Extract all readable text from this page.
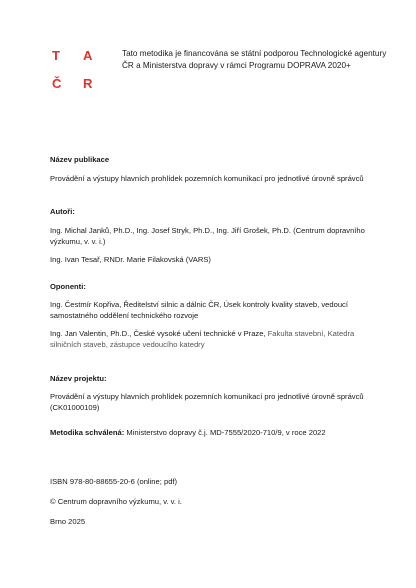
T A
Č R
Tato metodika je financována se státní podporou Technologické agentury
ČR a Ministerstva dopravy v rámci Programu DOPRAVA 2020+
Název publikace
Provádění a výstupy hlavních prohlídek pozemních komunikací pro jednotlivé úrovně správců
Autoři:
Ing. Michal Janků, Ph.D., Ing. Josef Stryk, Ph.D., Ing. Jiří Grošek, Ph.D. (Centrum dopravního
výzkumu, v. v. i.)
Ing. Ivan Tesař, RNDr. Marie Filakovská (VARS)
Oponenti:
Ing. Čestmír Kopřiva, Ředitelství silnic a dálnic ČR, Úsek kontroly kvality staveb, vedoucí
samostatného oddělení technického rozvoje
Ing. Jan Valentin, Ph.D., České vysoké učení technické v Praze, Fakulta stavební, Katedra
silničních staveb, zástupce vedoucího katedry
Název projektu:
Provádění a výstupy hlavních prohlídek pozemních komunikací pro jednotlivé úrovně správců
(CK01000109)
Metodika schválená: Ministerstvo dopravy č.j. MD-7555/2020-710/9, v roce 2022
ISBN 978-80-88655-20-6 (online; pdf)
© Centrum dopravního výzkumu, v. v. i.
Brno 2025
